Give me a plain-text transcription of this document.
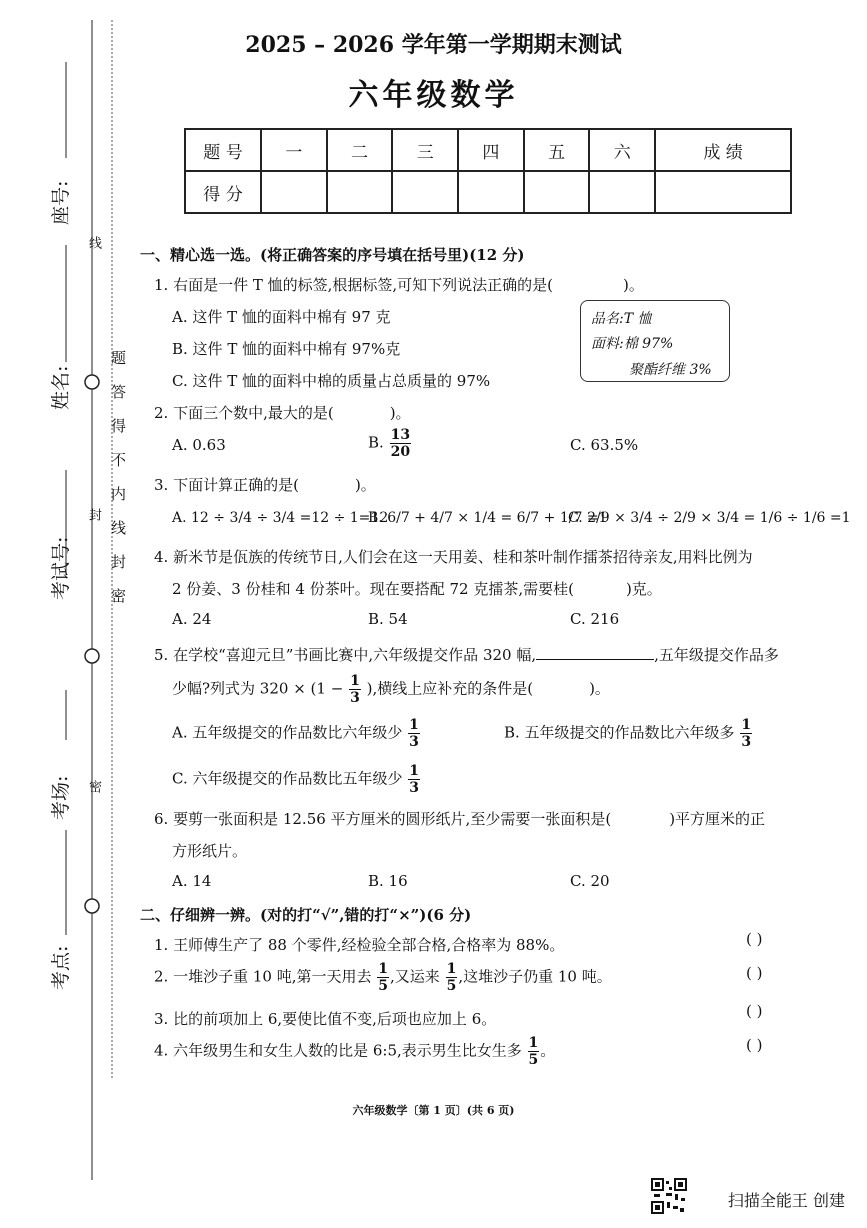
2025 – 2026 学年第一学期期末测试
六年级数学
题 号	一	二	三	四	五	六	成 绩
得 分							
座号:
姓名:
考试号:
考场:
考点:
线
封
密
题答得不内线封密
一、精心选一选。(将正确答案的序号填在括号里)(12 分)
1. 右面是一件 T 恤的标签,根据标签,可知下列说法正确的是(	)。
A. 这件 T 恤的面料中棉有 97 克
B. 这件 T 恤的面料中棉有 97%克
C. 这件 T 恤的面料中棉的质量占总质量的 97%
品名:T 恤
面料:棉 97%
聚酯纤维 3%
2. 下面三个数中,最大的是(	)。
A. 0.63	B. $\frac{13}{20}$	C. 63.5%
3. 下面计算正确的是(	)。
A. 12 ÷ 3/4 ÷ 3/4 =12 ÷ 1=12
B. 6/7 + 4/7 × 1/4 = 6/7 + 1/7 =1
C. 2/9 × 3/4 ÷ 2/9 × 3/4 = 1/6 ÷ 1/6 =1
4. 新米节是佤族的传统节日,人们会在这一天用姜、桂和茶叶制作擂茶招待亲友,用料比例为
2 份姜、3 份桂和 4 份茶叶。现在要搭配 72 克擂茶,需要桂(	)克。
A. 24	B. 54	C. 216
5. 在学校“喜迎元旦”书画比赛中,六年级提交作品 320 幅,	,五年级提交作品多
少幅?列式为 $320 \times (1 - \frac{1}{3}$ ),横线上应补充的条件是(	)。
A. 五年级提交的作品数比六年级少 $\frac{1}{3}$	B. 五年级提交的作品数比六年级多 $\frac{1}{3}$
C. 六年级提交的作品数比五年级少 $\frac{1}{3}$
6. 要剪一张面积是 12.56 平方厘米的圆形纸片,至少需要一张面积是(	)平方厘米的正
方形纸片。
A. 14	B. 16	C. 20
二、仔细辨一辨。(对的打“√”,错的打“×”)(6 分)
1. 王师傅生产了 88 个零件,经检验全部合格,合格率为 88%。	( )
2. 一堆沙子重 10 吨,第一天用去 $\frac{1}{5}$ ,又运来 $\frac{1}{5}$ ,这堆沙子仍重 10 吨。	( )
3. 比的前项加上 6,要使比值不变,后项也应加上 6。	( )
4. 六年级男生和女生人数的比是 6:5,表示男生比女生多 $\frac{1}{5}$ 。	( )
六年级数学〔第 1 页〕(共 6 页)
扫描全能王 创建
